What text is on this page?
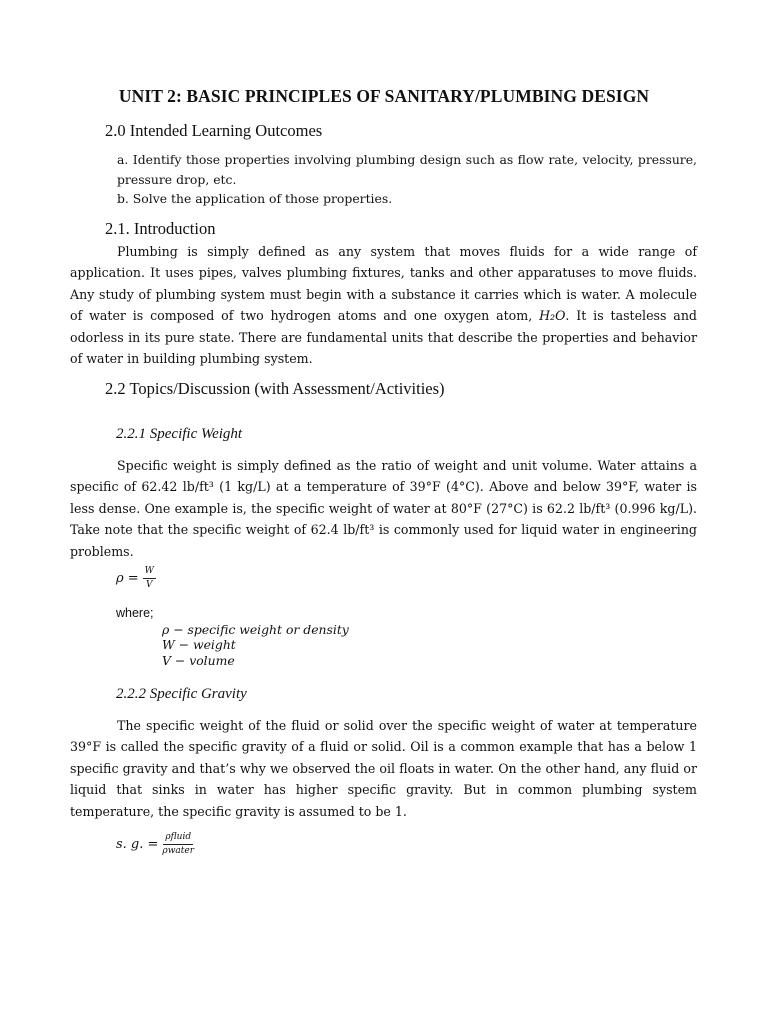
UNIT 2: BASIC PRINCIPLES OF SANITARY/PLUMBING DESIGN
2.0 Intended Learning Outcomes
a. Identify those properties involving plumbing design such as flow rate, velocity, pressure, pressure drop, etc.
b. Solve the application of those properties.
2.1. Introduction
Plumbing is simply defined as any system that moves fluids for a wide range of application. It uses pipes, valves plumbing fixtures, tanks and other apparatuses to move fluids. Any study of plumbing system must begin with a substance it carries which is water. A molecule of water is composed of two hydrogen atoms and one oxygen atom, H₂O. It is tasteless and odorless in its pure state. There are fundamental units that describe the properties and behavior of water in building plumbing system.
2.2 Topics/Discussion (with Assessment/Activities)
2.2.1 Specific Weight
Specific weight is simply defined as the ratio of weight and unit volume. Water attains a specific of 62.42 lb/ft³ (1 kg/L) at a temperature of 39°F (4°C). Above and below 39°F, water is less dense. One example is, the specific weight of water at 80°F (27°C) is 62.2 lb/ft³ (0.996 kg/L). Take note that the specific weight of 62.4 lb/ft³ is commonly used for liquid water in engineering problems.
$\rho = \frac{W}{V}$
where;
ρ − specific weight or density
W − weight
V − volume
2.2.2 Specific Gravity
The specific weight of the fluid or solid over the specific weight of water at temperature 39°F is called the specific gravity of a fluid or solid. Oil is a common example that has a below 1 specific gravity and that’s why we observed the oil floats in water. On the other hand, any fluid or liquid that sinks in water has higher specific gravity. But in common plumbing system temperature, the specific gravity is assumed to be 1.
s. g. = $\frac{\text{ρfluid}}{\text{ρwater}}$
